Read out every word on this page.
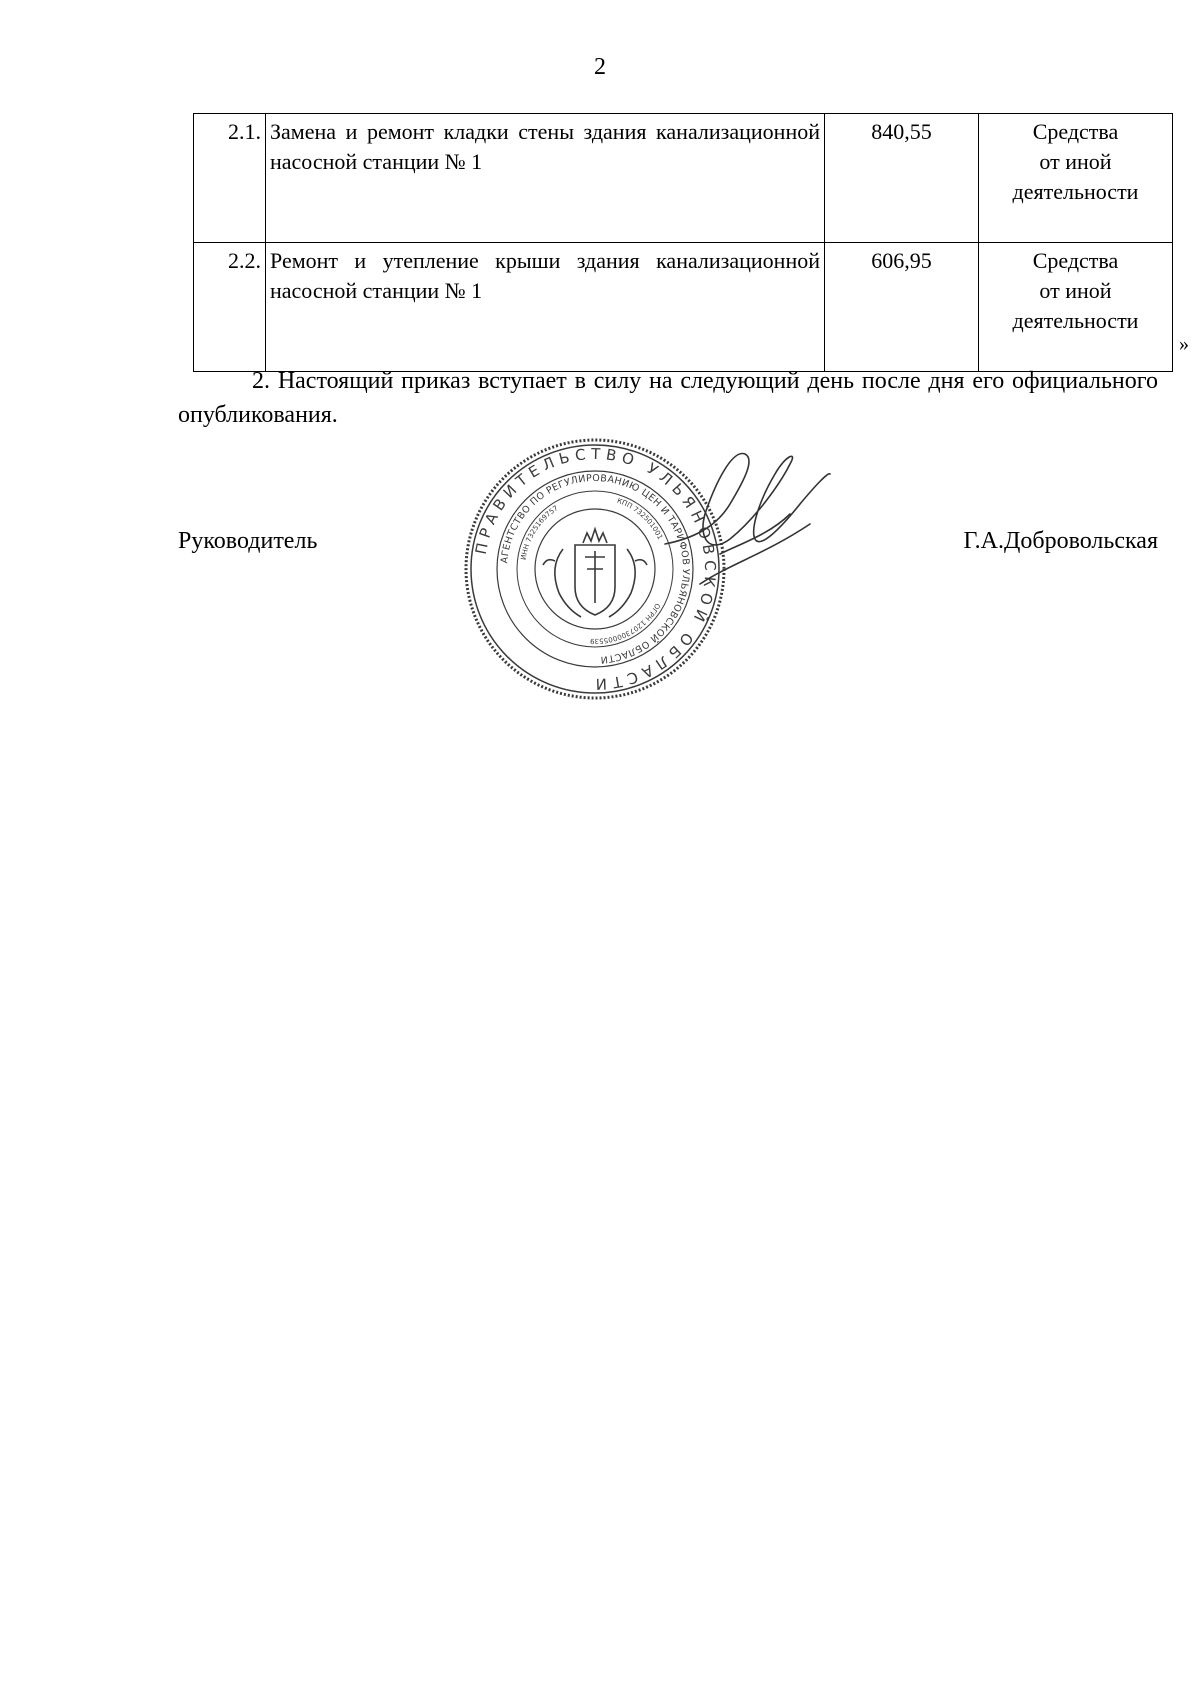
2
2.1.	Замена и ремонт кладки стены здания канализационной насосной станции № 1	840,55	Средства
от иной
деятельности

2.2.	Ремонт и утепление крыши здания канализационной насосной станции № 1	606,95	Средства
от иной
деятельности
»

2. Настоящий приказ вступает в силу на следующий день после дня его официального опубликования.

Руководитель	Г.А.Добровольская
ПРАВИТЕЛЬСТВО УЛЬЯНОВСКОЙ ОБЛАСТИ
АГЕНТСТВО ПО РЕГУЛИРОВАНИЮ ЦЕН И ТАРИФОВ УЛЬЯНОВСКОЙ ОБЛАСТИ
ИНН 7325169757
КПП 732501001
ОГРН 1207300005539
